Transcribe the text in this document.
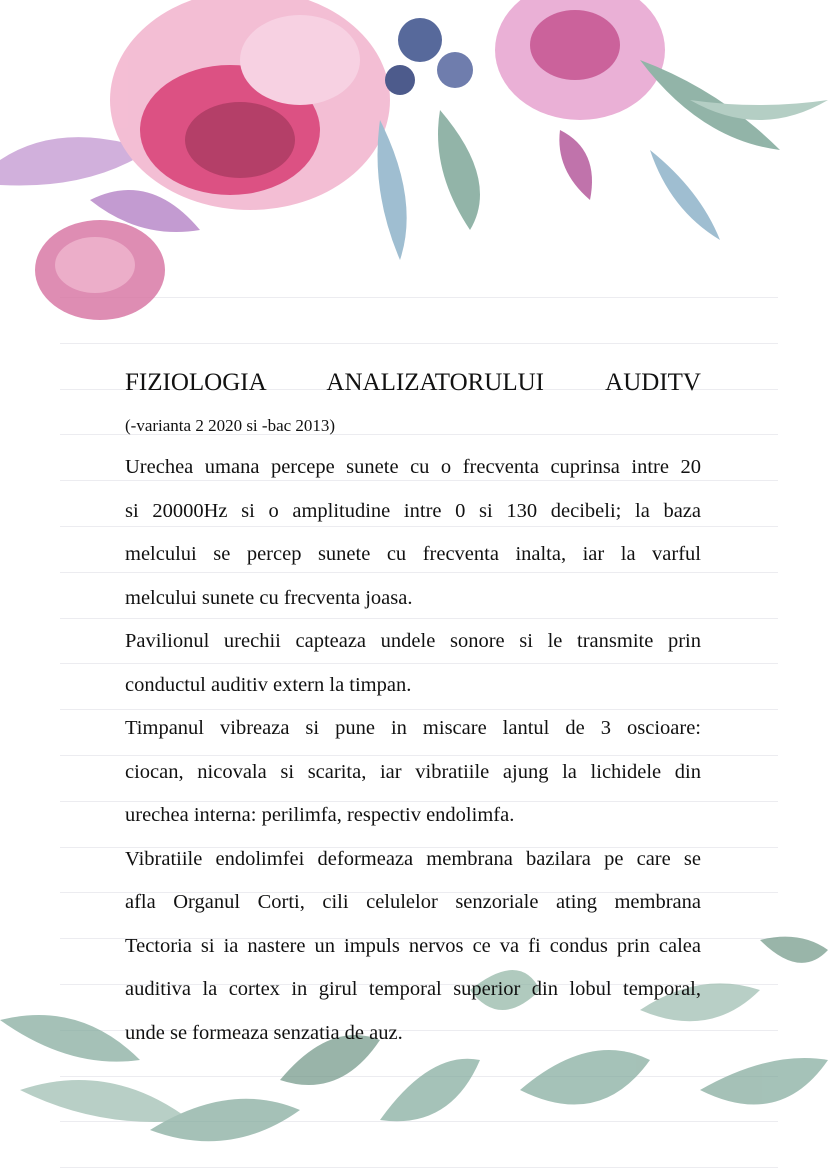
FIZIOLOGIA ANALIZATORULUI AUDITV
(-varianta 2 2020 si -bac 2013)
Urechea umana percepe sunete cu o frecventa cuprinsa intre 20
si 20000Hz si o amplitudine intre 0 si 130 decibeli; la baza
melcului se percep sunete cu frecventa inalta, iar la varful
melcului sunete cu frecventa joasa.
Pavilionul urechii capteaza undele sonore si le transmite prin
conductul auditiv extern la timpan.
Timpanul vibreaza si pune in miscare lantul de 3 oscioare:
ciocan, nicovala si scarita, iar vibratiile ajung la lichidele din
urechea interna: perilimfa, respectiv endolimfa.
Vibratiile endolimfei deformeaza membrana bazilara pe care se
afla Organul Corti, cili celulelor senzoriale ating membrana
Tectoria si ia nastere un impuls nervos ce va fi condus prin calea
auditiva la cortex in girul temporal superior din lobul temporal,
unde se formeaza senzatia de auz.
